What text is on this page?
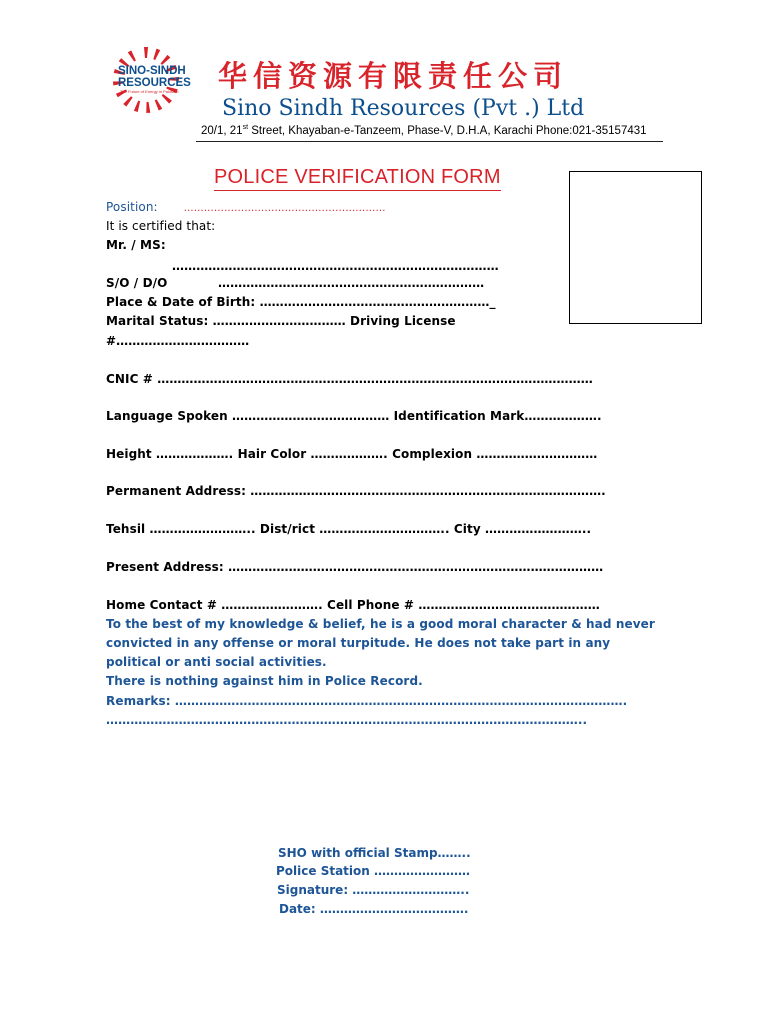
SINO-SINDH
RESOURCES
The Future of Energy in Pakistan 华信资源有限责任公司
Sino Sindh Resources (Pvt .) Ltd
20/1, 21st Street, Khayaban-e-Tanzeem, Phase-V, D.H.A, Karachi Phone:021-35157431
POLICE VERIFICATION FORM
Position:	……………………………………………………
It is certified that:
Mr. / MS:
………………………………………………………………………
S/O / D/O	…………………………………………………………
Place & Date of Birth: …………………………………………………_
Marital Status: …………………………… Driving License
#……………………………
CNIC # ………………………………………………………………………………………………
Language Spoken ………………………………… Identification Mark……………….
Height ………………. Hair Color ………………. Complexion …………………………
Permanent Address: …………………………………………………………………………….
Tehsil …………………….. Dist/rict ………………………….. City ……………………..
Present Address: …………………………………………………………………………………
Home Contact # ……………………. Cell Phone # ………………………………………
To the best of my knowledge & belief, he is a good moral character & had never
convicted in any offense or moral turpitude. He does not take part in any
political or anti social activities.
There is nothing against him in Police Record.
Remarks: ………………………………………………………………………………………………….
………………………………………………………………………………………………………..
SHO with official Stamp……..
Police Station ……………………
Signature: ………………………..
Date: ……………………………….
